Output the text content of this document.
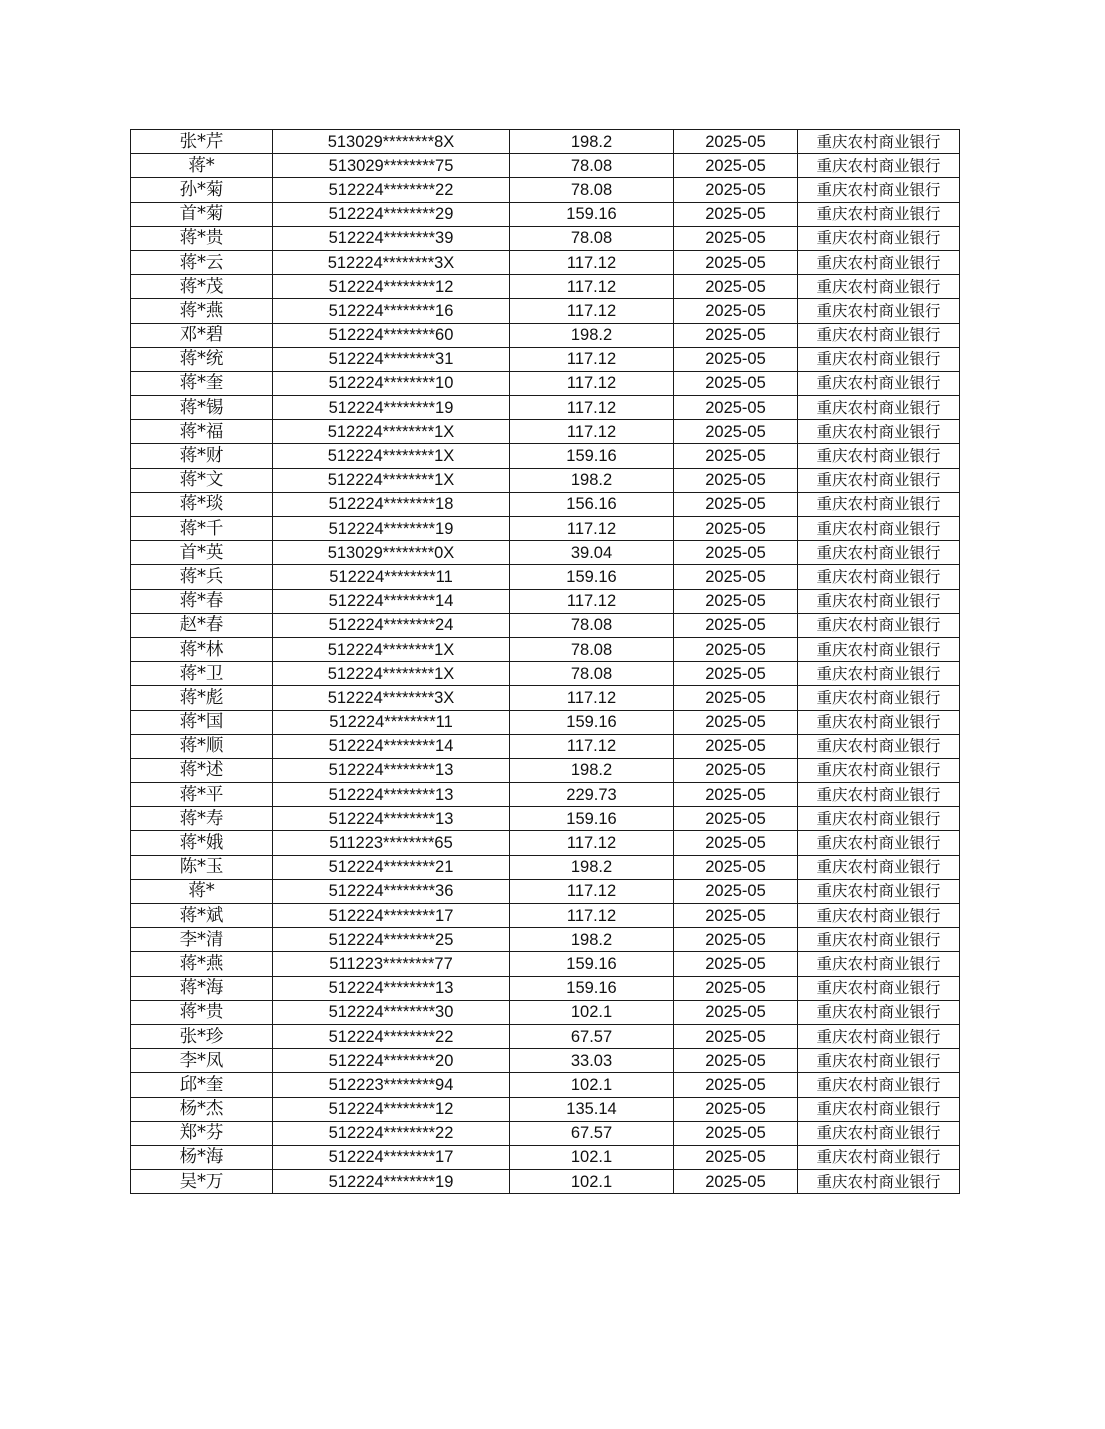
张*芹	513029********8X	198.2	2025-05	重庆农村商业银行
蒋*	513029********75	78.08	2025-05	重庆农村商业银行
孙*菊	512224********22	78.08	2025-05	重庆农村商业银行
首*菊	512224********29	159.16	2025-05	重庆农村商业银行
蒋*贵	512224********39	78.08	2025-05	重庆农村商业银行
蒋*云	512224********3X	117.12	2025-05	重庆农村商业银行
蒋*茂	512224********12	117.12	2025-05	重庆农村商业银行
蒋*燕	512224********16	117.12	2025-05	重庆农村商业银行
邓*碧	512224********60	198.2	2025-05	重庆农村商业银行
蒋*统	512224********31	117.12	2025-05	重庆农村商业银行
蒋*奎	512224********10	117.12	2025-05	重庆农村商业银行
蒋*锡	512224********19	117.12	2025-05	重庆农村商业银行
蒋*福	512224********1X	117.12	2025-05	重庆农村商业银行
蒋*财	512224********1X	159.16	2025-05	重庆农村商业银行
蒋*文	512224********1X	198.2	2025-05	重庆农村商业银行
蒋*琰	512224********18	156.16	2025-05	重庆农村商业银行
蒋*千	512224********19	117.12	2025-05	重庆农村商业银行
首*英	513029********0X	39.04	2025-05	重庆农村商业银行
蒋*兵	512224********11	159.16	2025-05	重庆农村商业银行
蒋*春	512224********14	117.12	2025-05	重庆农村商业银行
赵*春	512224********24	78.08	2025-05	重庆农村商业银行
蒋*林	512224********1X	78.08	2025-05	重庆农村商业银行
蒋*卫	512224********1X	78.08	2025-05	重庆农村商业银行
蒋*彪	512224********3X	117.12	2025-05	重庆农村商业银行
蒋*国	512224********11	159.16	2025-05	重庆农村商业银行
蒋*顺	512224********14	117.12	2025-05	重庆农村商业银行
蒋*述	512224********13	198.2	2025-05	重庆农村商业银行
蒋*平	512224********13	229.73	2025-05	重庆农村商业银行
蒋*寿	512224********13	159.16	2025-05	重庆农村商业银行
蒋*娥	511223********65	117.12	2025-05	重庆农村商业银行
陈*玉	512224********21	198.2	2025-05	重庆农村商业银行
蒋*	512224********36	117.12	2025-05	重庆农村商业银行
蒋*斌	512224********17	117.12	2025-05	重庆农村商业银行
李*清	512224********25	198.2	2025-05	重庆农村商业银行
蒋*燕	511223********77	159.16	2025-05	重庆农村商业银行
蒋*海	512224********13	159.16	2025-05	重庆农村商业银行
蒋*贵	512224********30	102.1	2025-05	重庆农村商业银行
张*珍	512224********22	67.57	2025-05	重庆农村商业银行
李*凤	512224********20	33.03	2025-05	重庆农村商业银行
邱*奎	512223********94	102.1	2025-05	重庆农村商业银行
杨*杰	512224********12	135.14	2025-05	重庆农村商业银行
郑*芬	512224********22	67.57	2025-05	重庆农村商业银行
杨*海	512224********17	102.1	2025-05	重庆农村商业银行
吴*万	512224********19	102.1	2025-05	重庆农村商业银行
